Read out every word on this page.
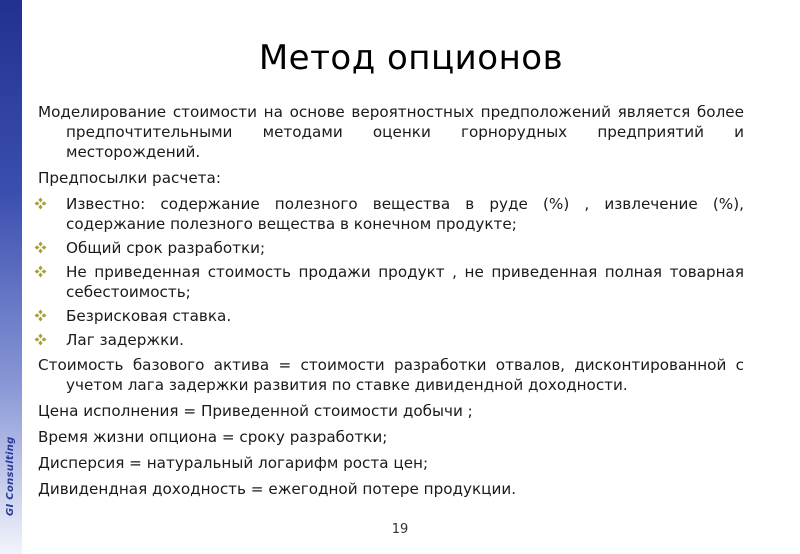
GI Consulting
Метод опционов

Моделирование стоимости на основе вероятностных предположений является более предпочтительными методами оценки горнорудных предприятий и месторождений.

Предпосылки расчета:

Известно: содержание полезного вещества в руде (%) , извлечение (%), содержание полезного вещества в конечном продукте;
Общий срок разработки;
Не приведенная стоимость продажи продукт , не приведенная полная товарная себестоимость;
Безрисковая ставка.
Лаг задержки.

Стоимость базового актива = стоимости разработки отвалов, дисконтированной с учетом лага задержки развития по ставке дивидендной доходности.

Цена исполнения = Приведенной стоимости добычи ;

Время жизни опциона = сроку разработки;

Дисперсия = натуральный логарифм роста цен;

Дивидендная доходность = ежегодной потере продукции.

19
